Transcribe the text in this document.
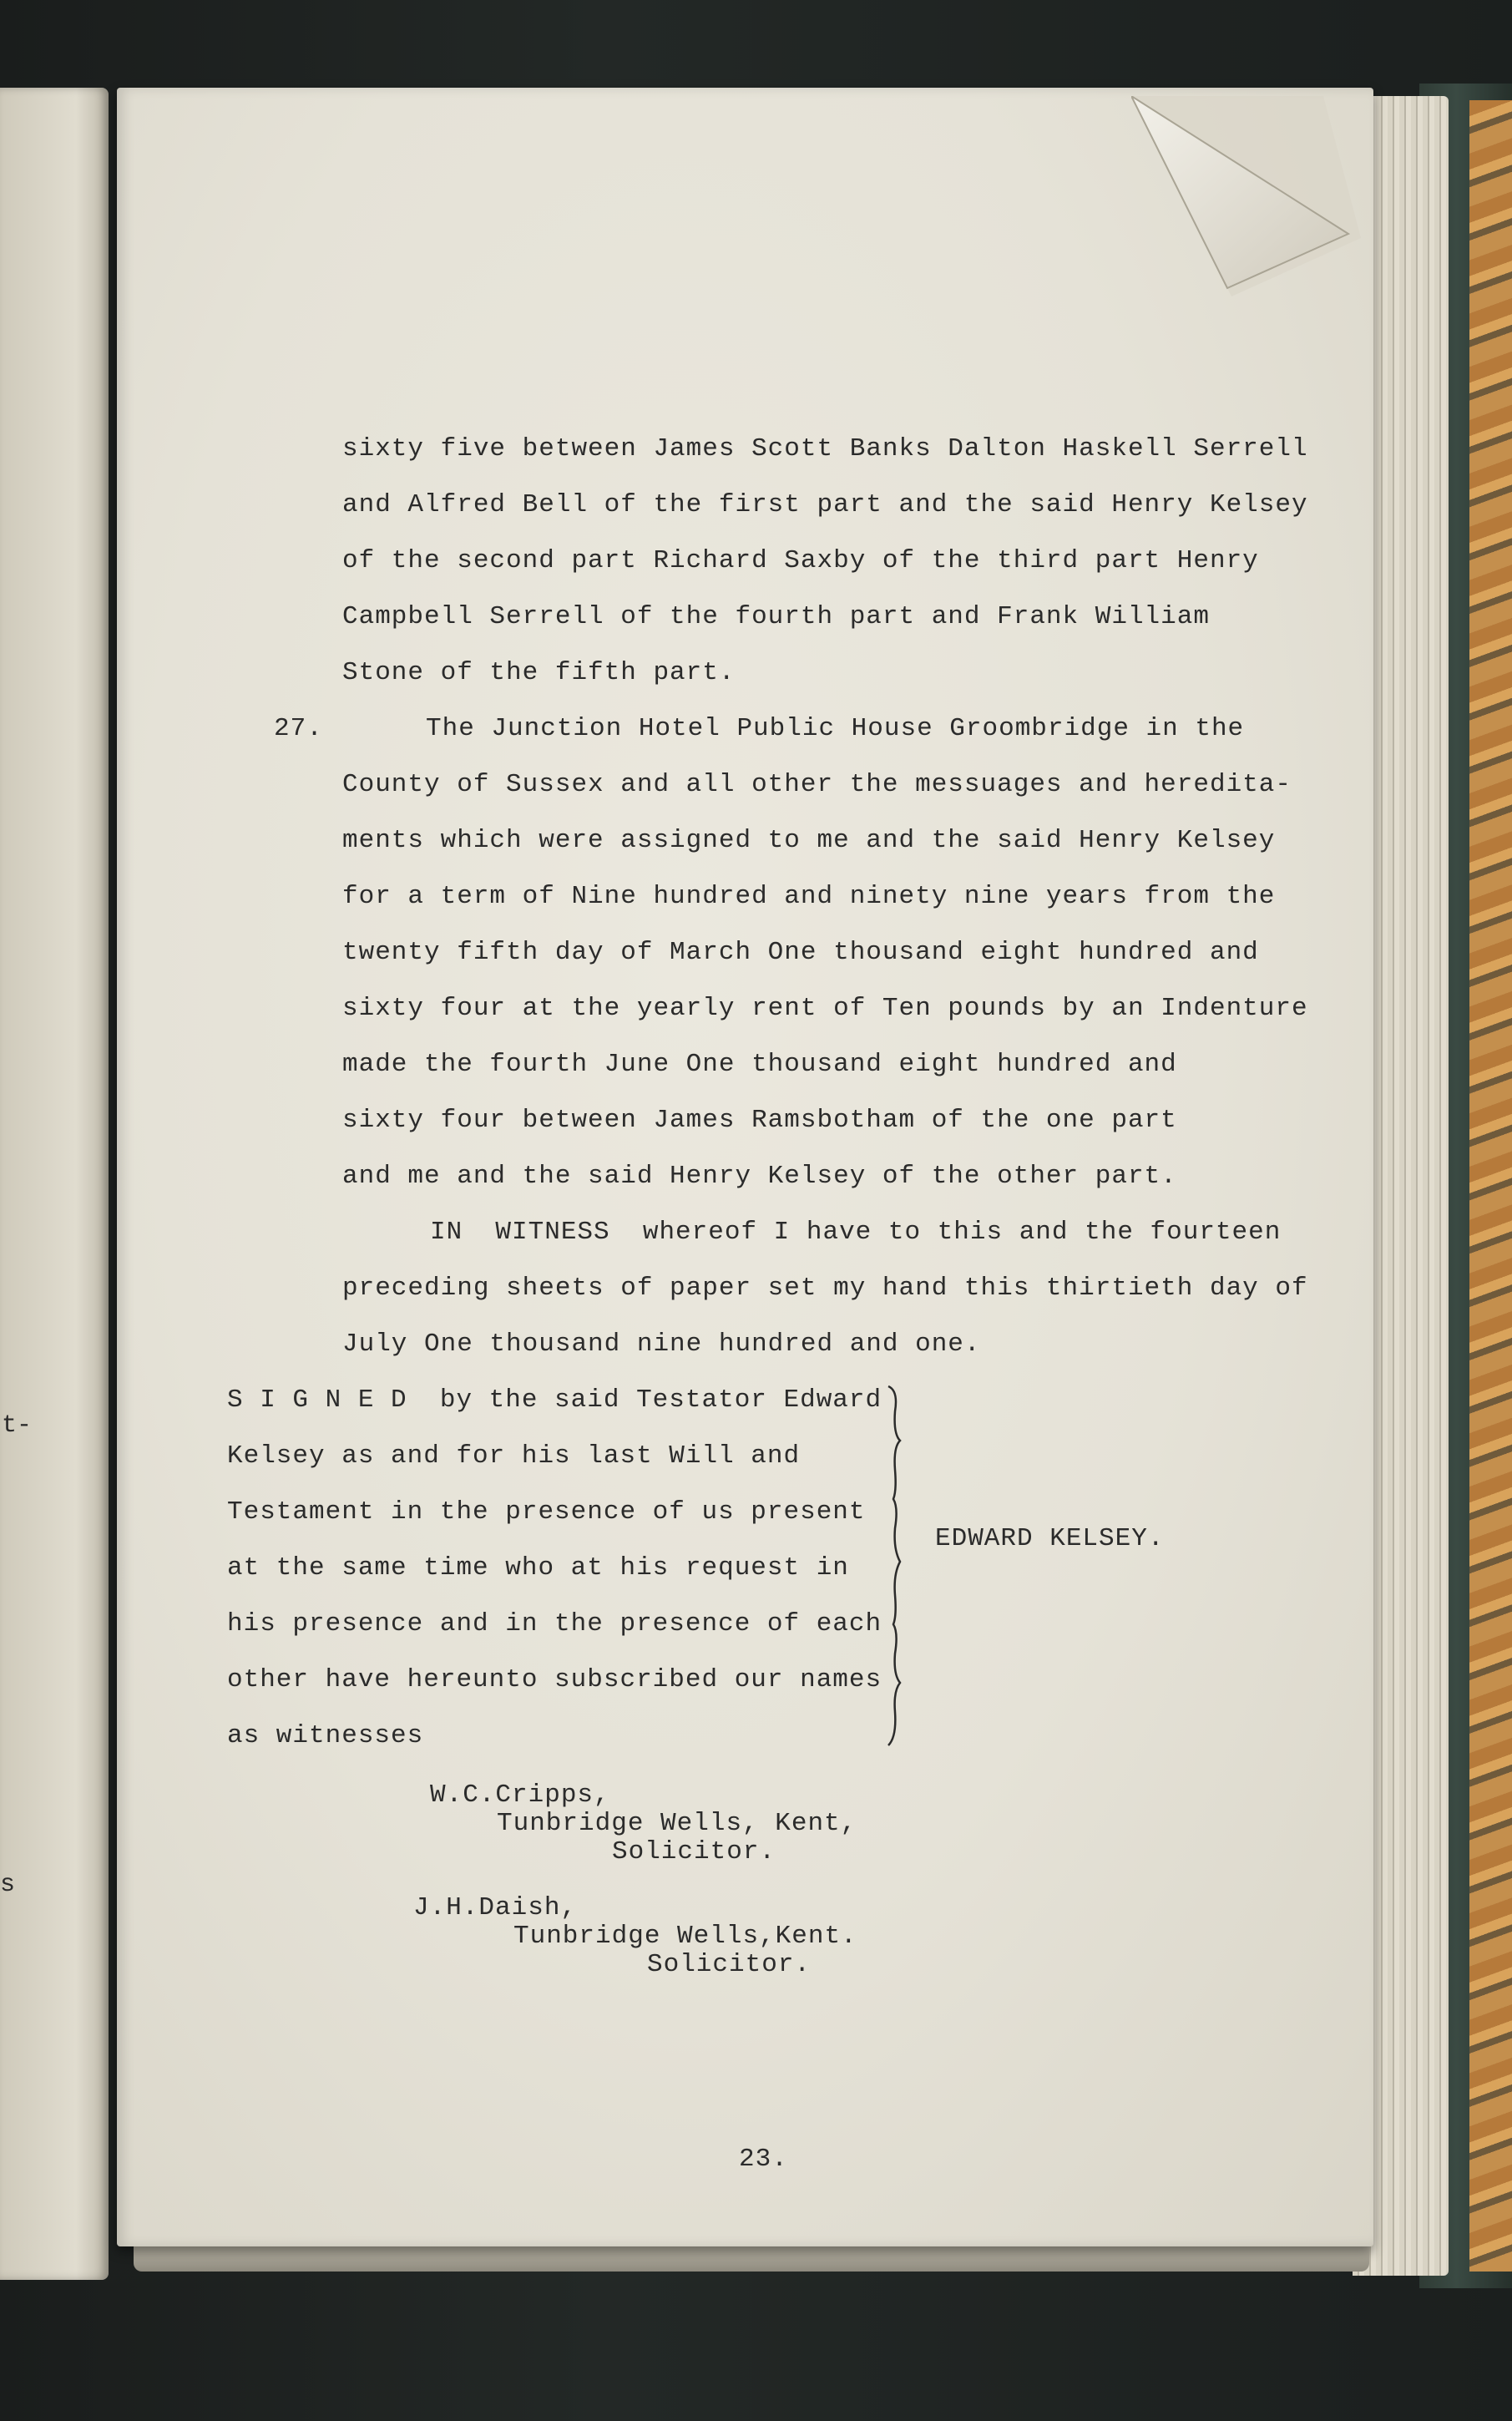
t-
s
sixty five between James Scott Banks Dalton Haskell Serrell
and Alfred Bell of the first part and the said Henry Kelsey
of the second part Richard Saxby of the third part Henry
Campbell Serrell of the fourth part and Frank William
Stone of the fifth part.
27.	The Junction Hotel Public House Groombridge in the
County of Sussex and all other the messuages and heredita-
ments which were assigned to me and the said Henry Kelsey
for a term of Nine hundred and ninety nine years from the
twenty fifth day of March One thousand eight hundred and
sixty four at the yearly rent of Ten pounds by an Indenture
made the fourth June One thousand eight hundred and
sixty four between James Ramsbotham of the one part
and me and the said Henry Kelsey of the other part.
IN  WITNESS  whereof I have to this and the fourteen
preceding sheets of paper set my hand this thirtieth day of
July One thousand nine hundred and one.
S I G N E D  by the said Testator Edward
Kelsey as and for his last Will and
Testament in the presence of us present
at the same time who at his request in
his presence and in the presence of each
other have hereunto subscribed our names
as witnesses
EDWARD KELSEY.
W.C.Cripps,
Tunbridge Wells, Kent,
Solicitor.
J.H.Daish,
Tunbridge Wells,Kent.
Solicitor.
23.
